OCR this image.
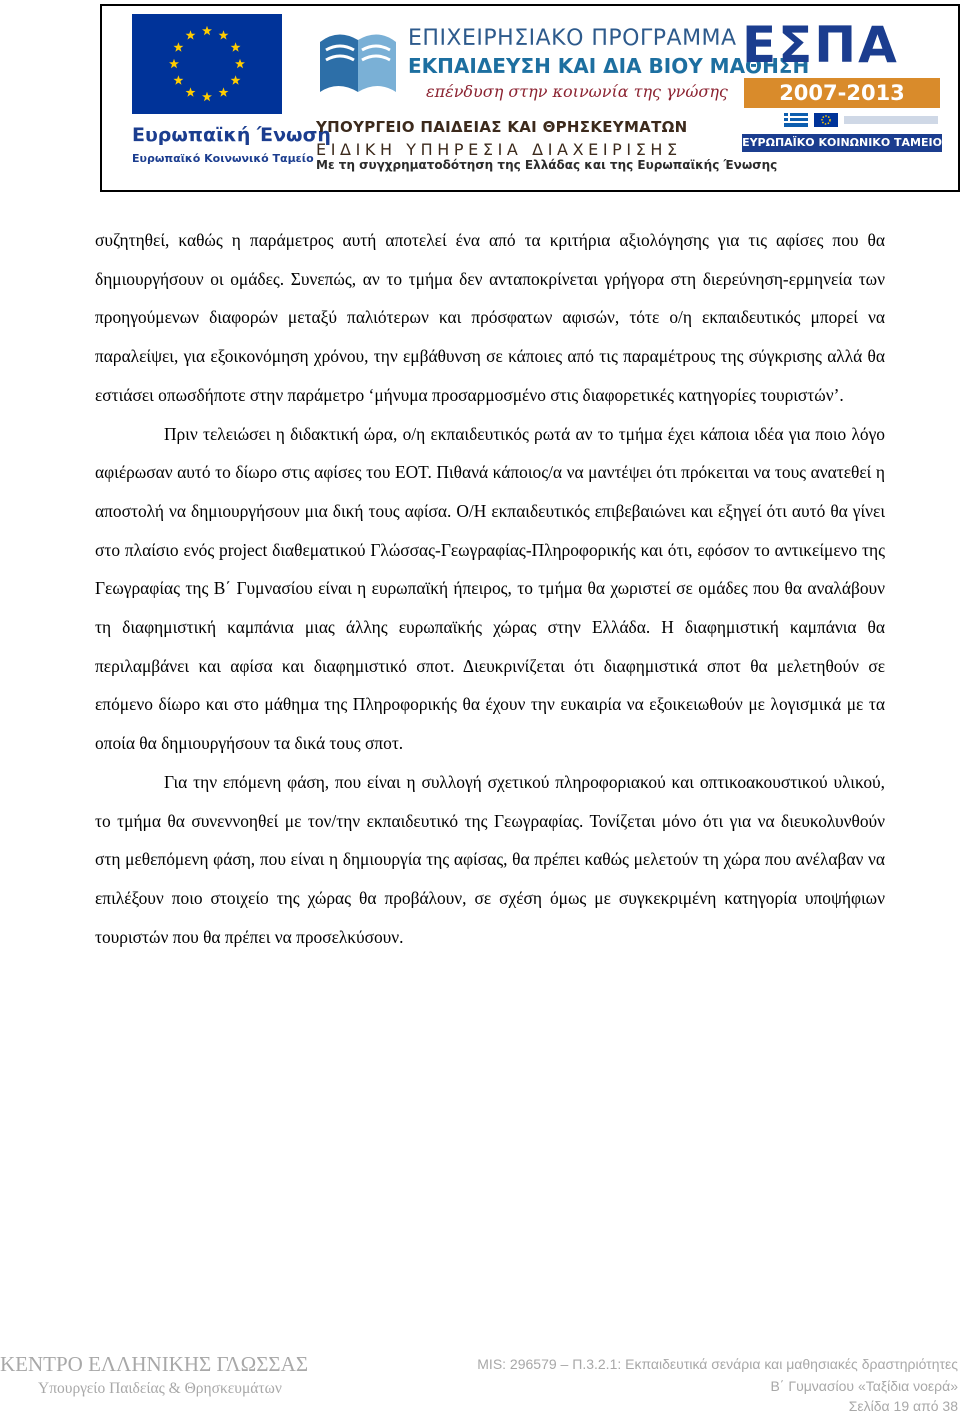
Ευρωπαϊκή Ένωση
Ευρωπαϊκό Κοινωνικό Ταμείο
ΕΠΙΧΕΙΡΗΣΙΑΚΟ ΠΡΟΓΡΑΜΜΑ
ΕΚΠΑΙΔΕΥΣΗ ΚΑΙ ΔΙΑ ΒΙΟΥ ΜΑΘΗΣΗ
επένδυση στην κοινωνία της γνώσης
ΥΠΟΥΡΓΕΙΟ ΠΑΙΔΕΙΑΣ ΚΑΙ ΘΡΗΣΚΕΥΜΑΤΩΝ
ΕΙΔΙΚΗ ΥΠΗΡΕΣΙΑ ΔΙΑΧΕΙΡΙΣΗΣ
Με τη συγχρηματοδότηση της Ελλάδας και της Ευρωπαϊκής Ένωσης
ΕΣΠΑ
2007-2013
ΕΥΡΩΠΑΪΚΟ ΚΟΙΝΩΝΙΚΟ ΤΑΜΕΙΟ

συζητηθεί, καθώς η παράμετρος αυτή αποτελεί ένα από τα κριτήρια αξιολόγησης για τις αφίσες που θα δημιουργήσουν οι ομάδες. Συνεπώς, αν το τμήμα δεν ανταποκρίνεται γρήγορα στη διερεύνηση-ερμηνεία των προηγούμενων διαφορών μεταξύ παλιότερων και πρόσφατων αφισών, τότε ο/η εκπαιδευτικός μπορεί να παραλείψει, για εξοικονόμηση χρόνου, την εμβάθυνση σε κάποιες από τις παραμέτρους της σύγκρισης αλλά θα εστιάσει οπωσδήποτε στην παράμετρο ‘μήνυμα προσαρμοσμένο στις διαφορετικές κατηγορίες τουριστών’.

Πριν τελειώσει η διδακτική ώρα, ο/η εκπαιδευτικός ρωτά αν το τμήμα έχει κάποια ιδέα για ποιο λόγο αφιέρωσαν αυτό το δίωρο στις αφίσες του ΕΟΤ. Πιθανά κάποιος/α να μαντέψει ότι πρόκειται να τους ανατεθεί η αποστολή να δημιουργήσουν μια δική τους αφίσα. Ο/Η εκπαιδευτικός επιβεβαιώνει και εξηγεί ότι αυτό θα γίνει στο πλαίσιο ενός project διαθεματικού Γλώσσας-Γεωγραφίας-Πληροφορικής και ότι, εφόσον το αντικείμενο της Γεωγραφίας της Β΄ Γυμνασίου είναι η ευρωπαϊκή ήπειρος, το τμήμα θα χωριστεί σε ομάδες που θα αναλάβουν τη διαφημιστική καμπάνια μιας άλλης ευρωπαϊκής χώρας στην Ελλάδα. Η διαφημιστική καμπάνια θα περιλαμβάνει και αφίσα και διαφημιστικό σποτ. Διευκρινίζεται ότι διαφημιστικά σποτ θα μελετηθούν σε επόμενο δίωρο και στο μάθημα της Πληροφορικής θα έχουν την ευκαιρία να εξοικειωθούν με λογισμικά με τα οποία θα δημιουργήσουν τα δικά τους σποτ.

Για την επόμενη φάση, που είναι η συλλογή σχετικού πληροφοριακού και οπτικοακουστικού υλικού, το τμήμα θα συνεννοηθεί με τον/την εκπαιδευτικό της Γεωγραφίας. Τονίζεται μόνο ότι για να διευκολυνθούν στη μεθεπόμενη φάση, που είναι η δημιουργία της αφίσας, θα πρέπει καθώς μελετούν τη χώρα που ανέλαβαν να επιλέξουν ποιο στοιχείο της χώρας θα προβάλουν, σε σχέση όμως με συγκεκριμένη κατηγορία υποψήφιων τουριστών που θα πρέπει να προσελκύσουν.

ΚΕΝΤΡΟ ΕΛΛΗΝΙΚΗΣ ΓΛΩΣΣΑΣ
Υπουργείο Παιδείας & Θρησκευμάτων
MIS: 296579 – Π.3.2.1: Εκπαιδευτικά σενάρια και μαθησιακές δραστηριότητες
Β΄ Γυμνασίου «Ταξίδια νοερά»
Σελίδα 19 από 38
